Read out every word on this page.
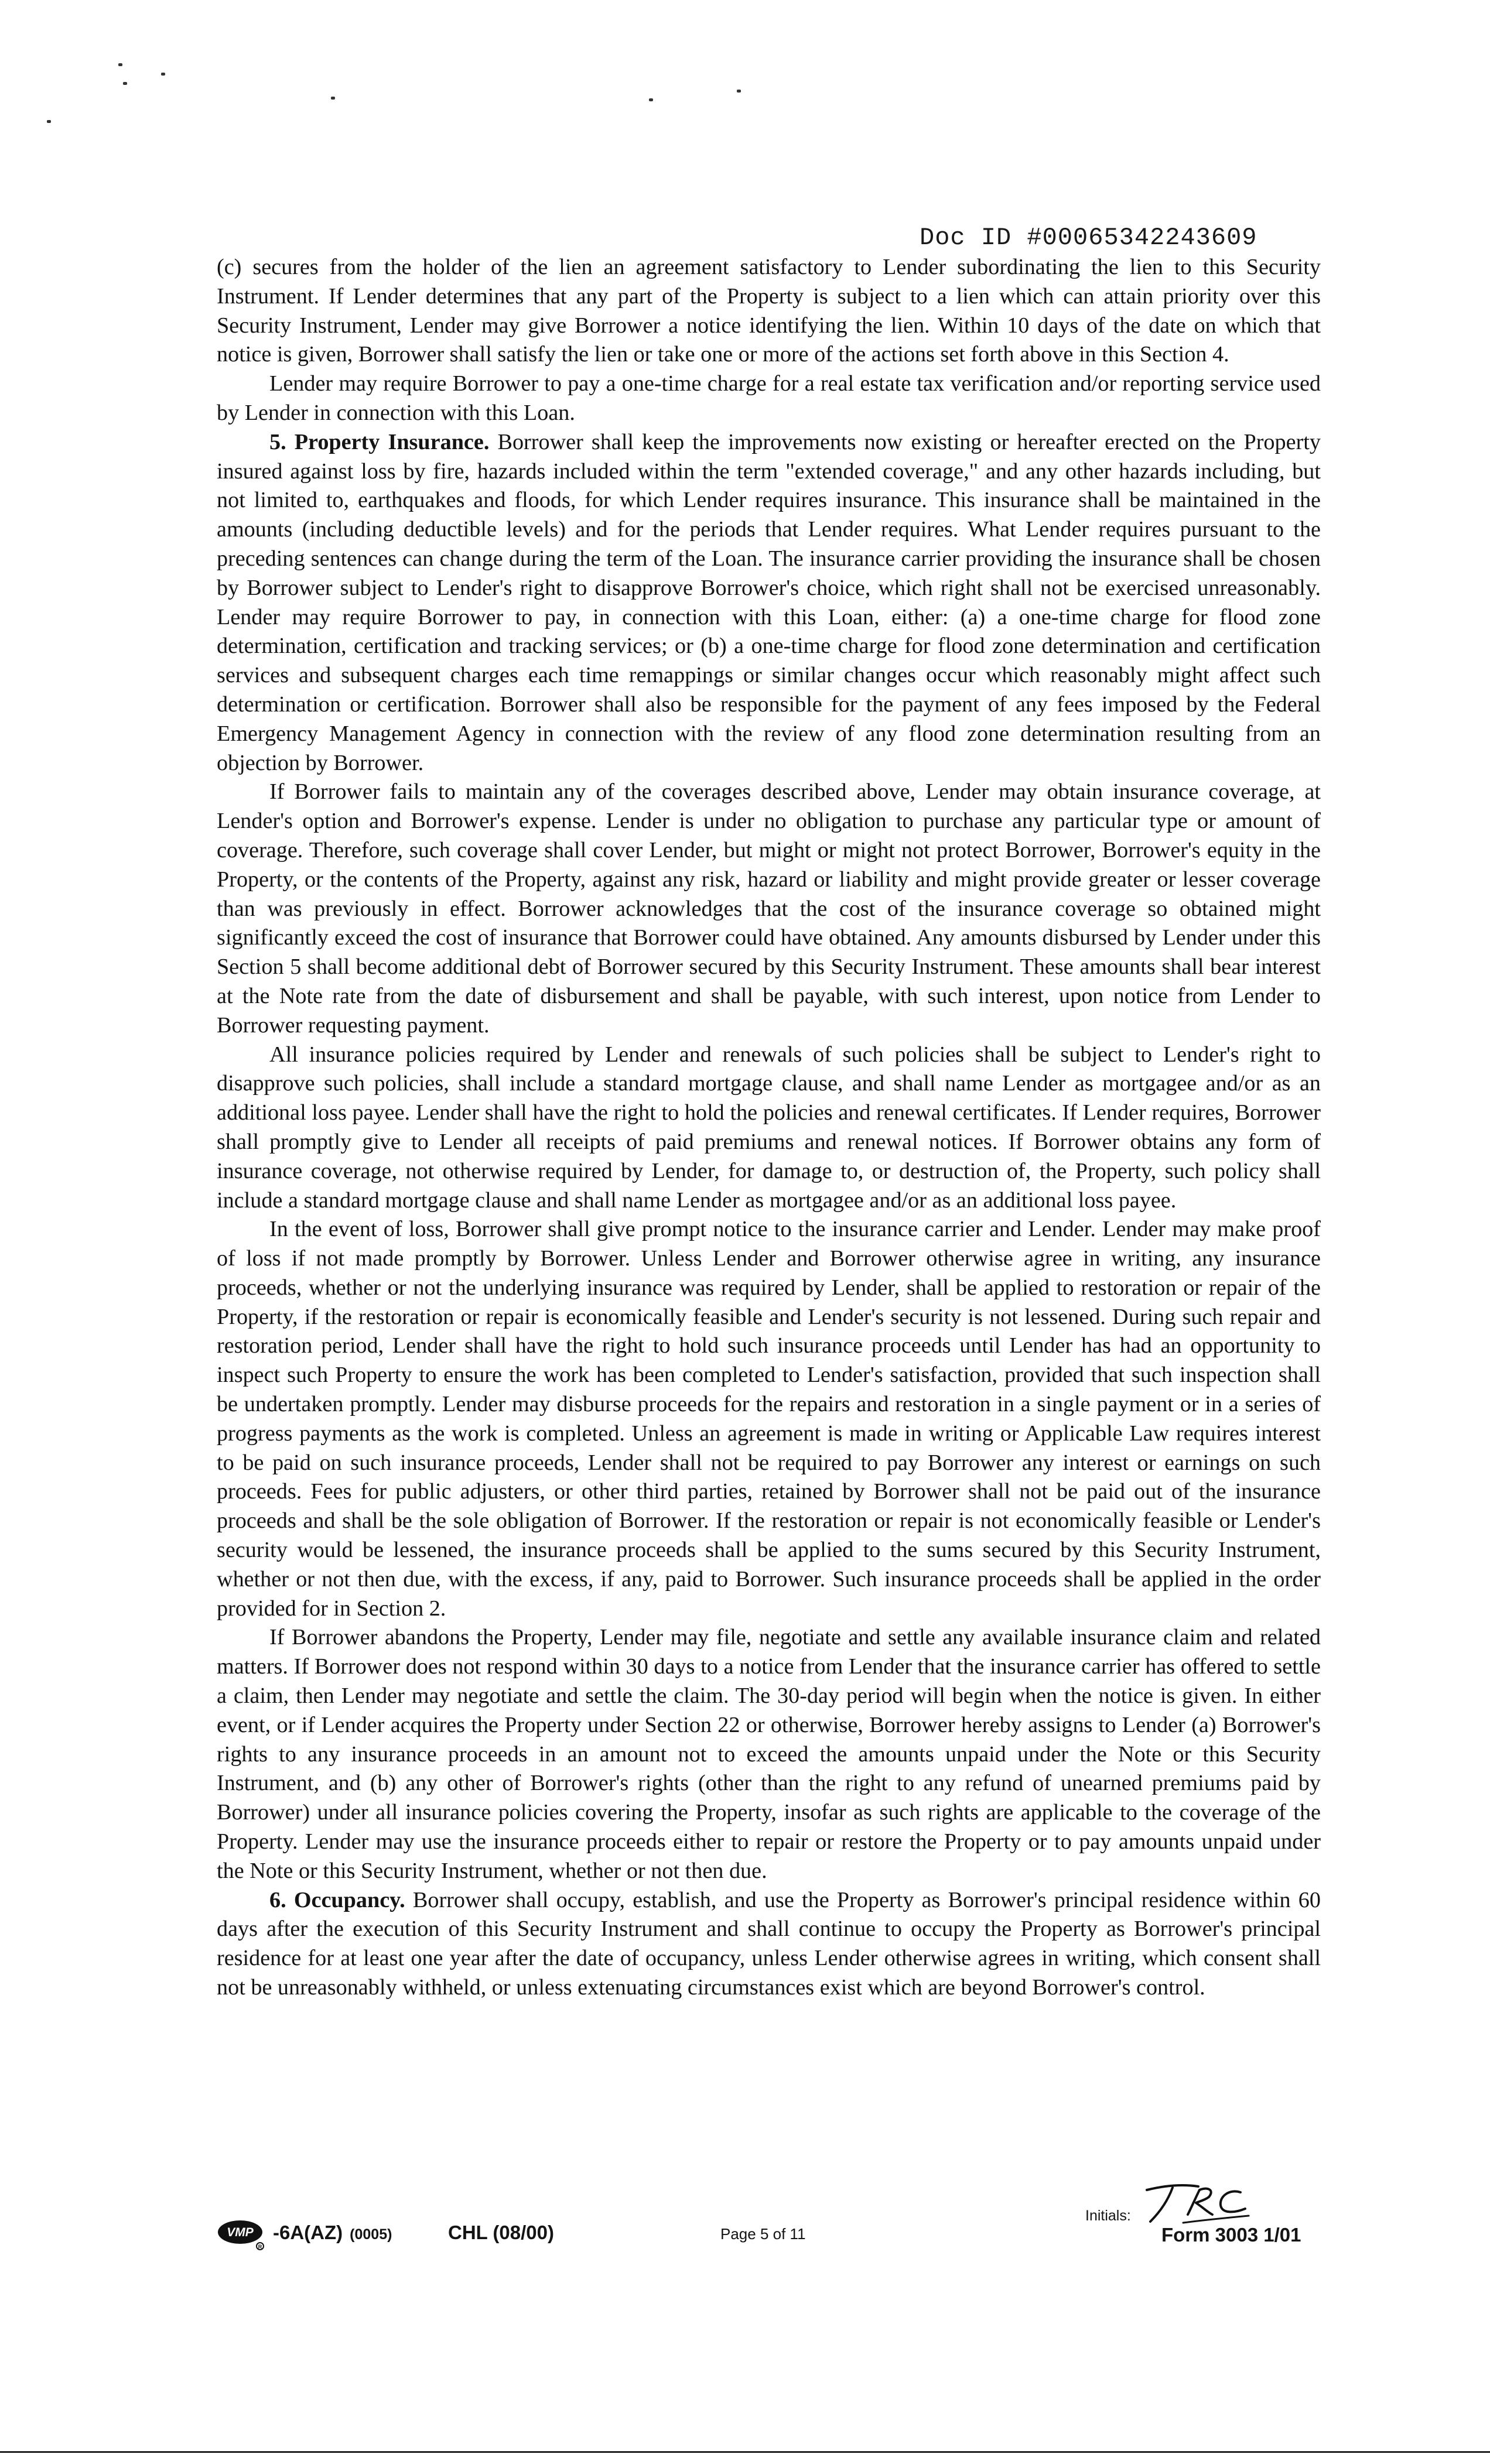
Doc ID #00065342243609

(c) secures from the holder of the lien an agreement satisfactory to Lender subordinating the lien to this Security Instrument. If Lender determines that any part of the Property is subject to a lien which can attain priority over this Security Instrument, Lender may give Borrower a notice identifying the lien. Within 10 days of the date on which that notice is given, Borrower shall satisfy the lien or take one or more of the actions set forth above in this Section 4.

Lender may require Borrower to pay a one-time charge for a real estate tax verification and/or reporting service used by Lender in connection with this Loan.

5. Property Insurance. Borrower shall keep the improvements now existing or hereafter erected on the Property insured against loss by fire, hazards included within the term "extended coverage," and any other hazards including, but not limited to, earthquakes and floods, for which Lender requires insurance. This insurance shall be maintained in the amounts (including deductible levels) and for the periods that Lender requires. What Lender requires pursuant to the preceding sentences can change during the term of the Loan. The insurance carrier providing the insurance shall be chosen by Borrower subject to Lender's right to disapprove Borrower's choice, which right shall not be exercised unreasonably. Lender may require Borrower to pay, in connection with this Loan, either: (a) a one-time charge for flood zone determination, certification and tracking services; or (b) a one-time charge for flood zone determination and certification services and subsequent charges each time remappings or similar changes occur which reasonably might affect such determination or certification. Borrower shall also be responsible for the payment of any fees imposed by the Federal Emergency Management Agency in connection with the review of any flood zone determination resulting from an objection by Borrower.

If Borrower fails to maintain any of the coverages described above, Lender may obtain insurance coverage, at Lender's option and Borrower's expense. Lender is under no obligation to purchase any particular type or amount of coverage. Therefore, such coverage shall cover Lender, but might or might not protect Borrower, Borrower's equity in the Property, or the contents of the Property, against any risk, hazard or liability and might provide greater or lesser coverage than was previously in effect. Borrower acknowledges that the cost of the insurance coverage so obtained might significantly exceed the cost of insurance that Borrower could have obtained. Any amounts disbursed by Lender under this Section 5 shall become additional debt of Borrower secured by this Security Instrument. These amounts shall bear interest at the Note rate from the date of disbursement and shall be payable, with such interest, upon notice from Lender to Borrower requesting payment.

All insurance policies required by Lender and renewals of such policies shall be subject to Lender's right to disapprove such policies, shall include a standard mortgage clause, and shall name Lender as mortgagee and/or as an additional loss payee. Lender shall have the right to hold the policies and renewal certificates. If Lender requires, Borrower shall promptly give to Lender all receipts of paid premiums and renewal notices. If Borrower obtains any form of insurance coverage, not otherwise required by Lender, for damage to, or destruction of, the Property, such policy shall include a standard mortgage clause and shall name Lender as mortgagee and/or as an additional loss payee.

In the event of loss, Borrower shall give prompt notice to the insurance carrier and Lender. Lender may make proof of loss if not made promptly by Borrower. Unless Lender and Borrower otherwise agree in writing, any insurance proceeds, whether or not the underlying insurance was required by Lender, shall be applied to restoration or repair of the Property, if the restoration or repair is economically feasible and Lender's security is not lessened. During such repair and restoration period, Lender shall have the right to hold such insurance proceeds until Lender has had an opportunity to inspect such Property to ensure the work has been completed to Lender's satisfaction, provided that such inspection shall be undertaken promptly. Lender may disburse proceeds for the repairs and restoration in a single payment or in a series of progress payments as the work is completed. Unless an agreement is made in writing or Applicable Law requires interest to be paid on such insurance proceeds, Lender shall not be required to pay Borrower any interest or earnings on such proceeds. Fees for public adjusters, or other third parties, retained by Borrower shall not be paid out of the insurance proceeds and shall be the sole obligation of Borrower. If the restoration or repair is not economically feasible or Lender's security would be lessened, the insurance proceeds shall be applied to the sums secured by this Security Instrument, whether or not then due, with the excess, if any, paid to Borrower. Such insurance proceeds shall be applied in the order provided for in Section 2.

If Borrower abandons the Property, Lender may file, negotiate and settle any available insurance claim and related matters. If Borrower does not respond within 30 days to a notice from Lender that the insurance carrier has offered to settle a claim, then Lender may negotiate and settle the claim. The 30-day period will begin when the notice is given. In either event, or if Lender acquires the Property under Section 22 or otherwise, Borrower hereby assigns to Lender (a) Borrower's rights to any insurance proceeds in an amount not to exceed the amounts unpaid under the Note or this Security Instrument, and (b) any other of Borrower's rights (other than the right to any refund of unearned premiums paid by Borrower) under all insurance policies covering the Property, insofar as such rights are applicable to the coverage of the Property. Lender may use the insurance proceeds either to repair or restore the Property or to pay amounts unpaid under the Note or this Security Instrument, whether or not then due.

6. Occupancy. Borrower shall occupy, establish, and use the Property as Borrower's principal residence within 60 days after the execution of this Security Instrument and shall continue to occupy the Property as Borrower's principal residence for at least one year after the date of occupancy, unless Lender otherwise agrees in writing, which consent shall not be unreasonably withheld, or unless extenuating circumstances exist which are beyond Borrower's control.

VMP
R
-6A(AZ) (0005)	CHL (08/00)	Page 5 of 11
Initials:
Form 3003 1/01
